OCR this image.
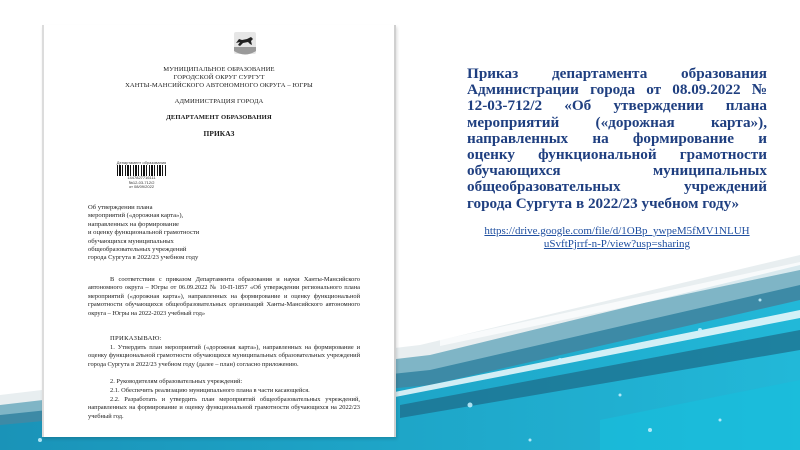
МУНИЦИПАЛЬНОЕ ОБРАЗОВАНИЕ
ГОРОДСКОЙ ОКРУГ СУРГУТ
ХАНТЫ-МАНСИЙСКОГО АВТОНОМНОГО ОКРУГА – ЮГРЫ
АДМИНИСТРАЦИЯ ГОРОДА
ДЕПАРТАМЕНТ ОБРАЗОВАНИЯ
ПРИКАЗ
Департамент образования
1447827716111
№12-03-712/2
от 08/09/2022
Об утверждении плана
мероприятий («дорожная карта»),
направленных на формирование
и оценку функциональной грамотности
обучающихся муниципальных
общеобразовательных учреждений
города Сургута в 2022/23 учебном году
В соответствии с приказом Департамента образования и науки Ханты-Мансийского автономного округа – Югры от 06.09.2022 № 10-П-1857 «Об утверждении регионального плана мероприятий («дорожная карта»), направленных на формирование и оценку функциональной грамотности обучающихся общеобразовательных организаций Ханты-Мансийского автономного округа – Югры на 2022-2023 учебный год»
ПРИКАЗЫВАЮ:
1. Утвердить план мероприятий («дорожная карта»), направленных на формирование и оценку функциональной грамотности обучающихся муниципальных образовательных учреждений города Сургута в 2022/23 учебном году (далее – план) согласно приложению.
2. Руководителям образовательных учреждений:
2.1. Обеспечить реализацию муниципального плана в части касающейся.
2.2. Разработать и утвердить план мероприятий общеобразовательных учреждений, направленных на формирование и оценку функциональной грамотности обучающихся на 2022/23 учебный год.
Приказ департамента образования
Администрации города от 08.09.2022 №
12-03-712/2 «Об утверждении плана
мероприятий («дорожная карта»),
направленных на формирование и
оценку функциональной грамотности
обучающихся муниципальных
общеобразовательных учреждений
города Сургута в 2022/23 учебном году»
https://drive.google.com/file/d/1OBp_ywpeM5fMV1NLUH
uSvftPjrrf-n-P/view?usp=sharing
